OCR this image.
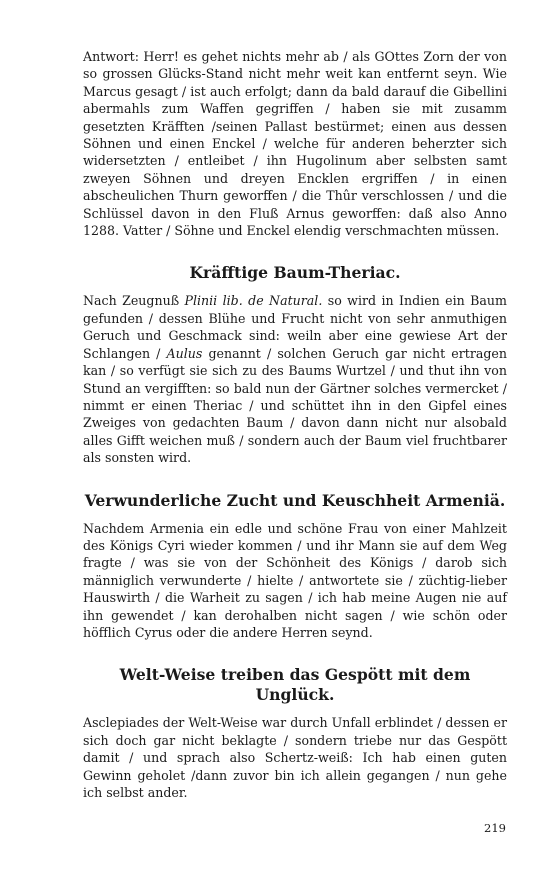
Antwort: Herr! es gehet nichts mehr ab / als GOttes Zorn der von so grossen Glücks-Stand nicht mehr weit kan entfernt seyn. Wie Marcus gesagt / ist auch erfolgt; dann da bald darauf die Gibellini abermahls zum Waffen gegriffen / haben sie mit zusamm gesetzten Kräfften /seinen Pallast bestürmet; einen aus dessen Söhnen und einen Enckel / welche für anderen beherzter sich widersetzten / entleibet / ihn Hugolinum aber selbsten samt zweyen Söhnen und dreyen Encklen ergriffen / in einen abscheulichen Thurn geworffen / die Thûr verschlossen / und die Schlüssel davon in den Fluß Arnus geworffen: daß also Anno 1288. Vatter / Söhne und Enckel elendig verschmachten müssen.

Kräfftige Baum-Theriac.

Nach Zeugnuß Plinii lib. de Natural. so wird in Indien ein Baum gefunden / dessen Blühe und Frucht nicht von sehr anmuthigen Geruch und Geschmack sind: weiln aber eine gewiese Art der Schlangen / Aulus genannt / solchen Geruch gar nicht ertragen kan / so verfügt sie sich zu des Baums Wurtzel / und thut ihn von Stund an vergifften: so bald nun der Gärtner solches vermercket / nimmt er einen Theriac / und schüttet ihn in den Gipfel eines Zweiges von gedachten Baum / davon dann nicht nur alsobald alles Gifft weichen muß / sondern auch der Baum viel fruchtbarer als sonsten wird.

Verwunderliche Zucht und Keuschheit Armeniä.

Nachdem Armenia ein edle und schöne Frau von einer Mahlzeit des Königs Cyri wieder kommen / und ihr Mann sie auf dem Weg fragte / was sie von der Schönheit des Königs / darob sich männiglich verwunderte / hielte / antwortete sie / züchtig-lieber Hauswirth / die Warheit zu sagen / ich hab meine Augen nie auf ihn gewendet / kan derohalben nicht sagen / wie schön oder höfflich Cyrus oder die andere Herren seynd.

Welt-Weise treiben das Gespött mit dem Unglück.

Asclepiades der Welt-Weise war durch Unfall erblindet / dessen er sich doch gar nicht beklagte / sondern triebe nur das Gespött damit / und sprach also Schertz-weiß: Ich hab einen guten Gewinn geholet /dann zuvor bin ich allein gegangen / nun gehe ich selbst ander.

219
